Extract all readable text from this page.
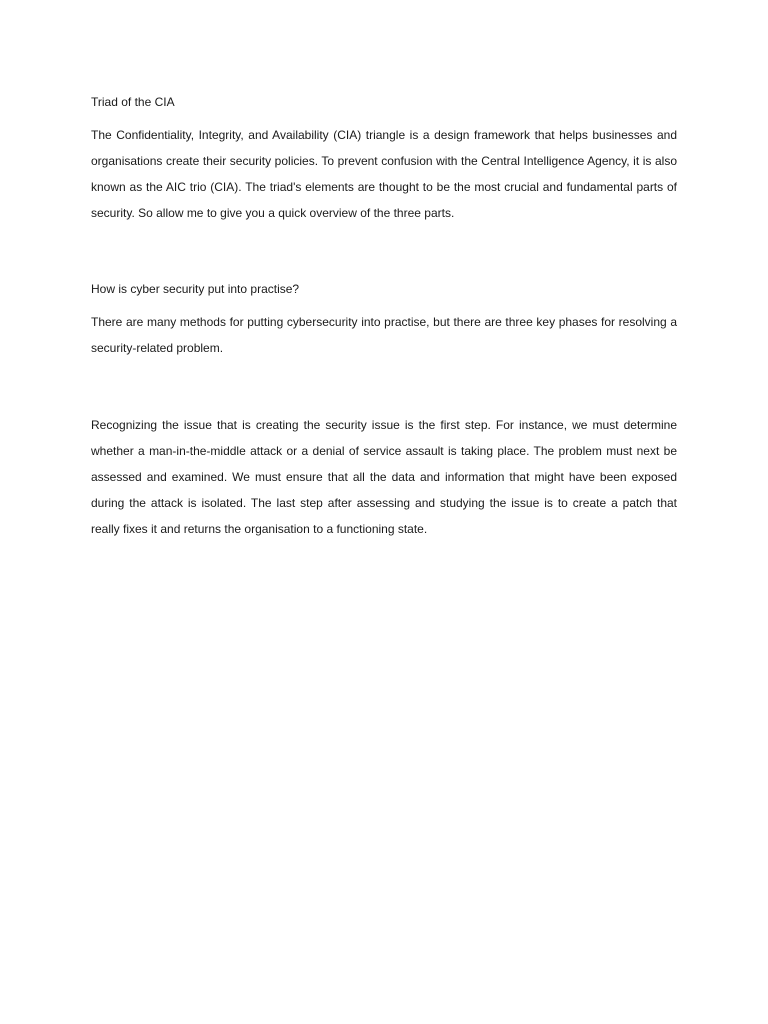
Triad of the CIA

The Confidentiality, Integrity, and Availability (CIA) triangle is a design framework that helps businesses and organisations create their security policies. To prevent confusion with the Central Intelligence Agency, it is also known as the AIC trio (CIA). The triad's elements are thought to be the most crucial and fundamental parts of security. So allow me to give you a quick overview of the three parts.

How is cyber security put into practise?

There are many methods for putting cybersecurity into practise, but there are three key phases for resolving a security-related problem.

Recognizing the issue that is creating the security issue is the first step. For instance, we must determine whether a man-in-the-middle attack or a denial of service assault is taking place. The problem must next be assessed and examined. We must ensure that all the data and information that might have been exposed during the attack is isolated. The last step after assessing and studying the issue is to create a patch that really fixes it and returns the organisation to a functioning state.
